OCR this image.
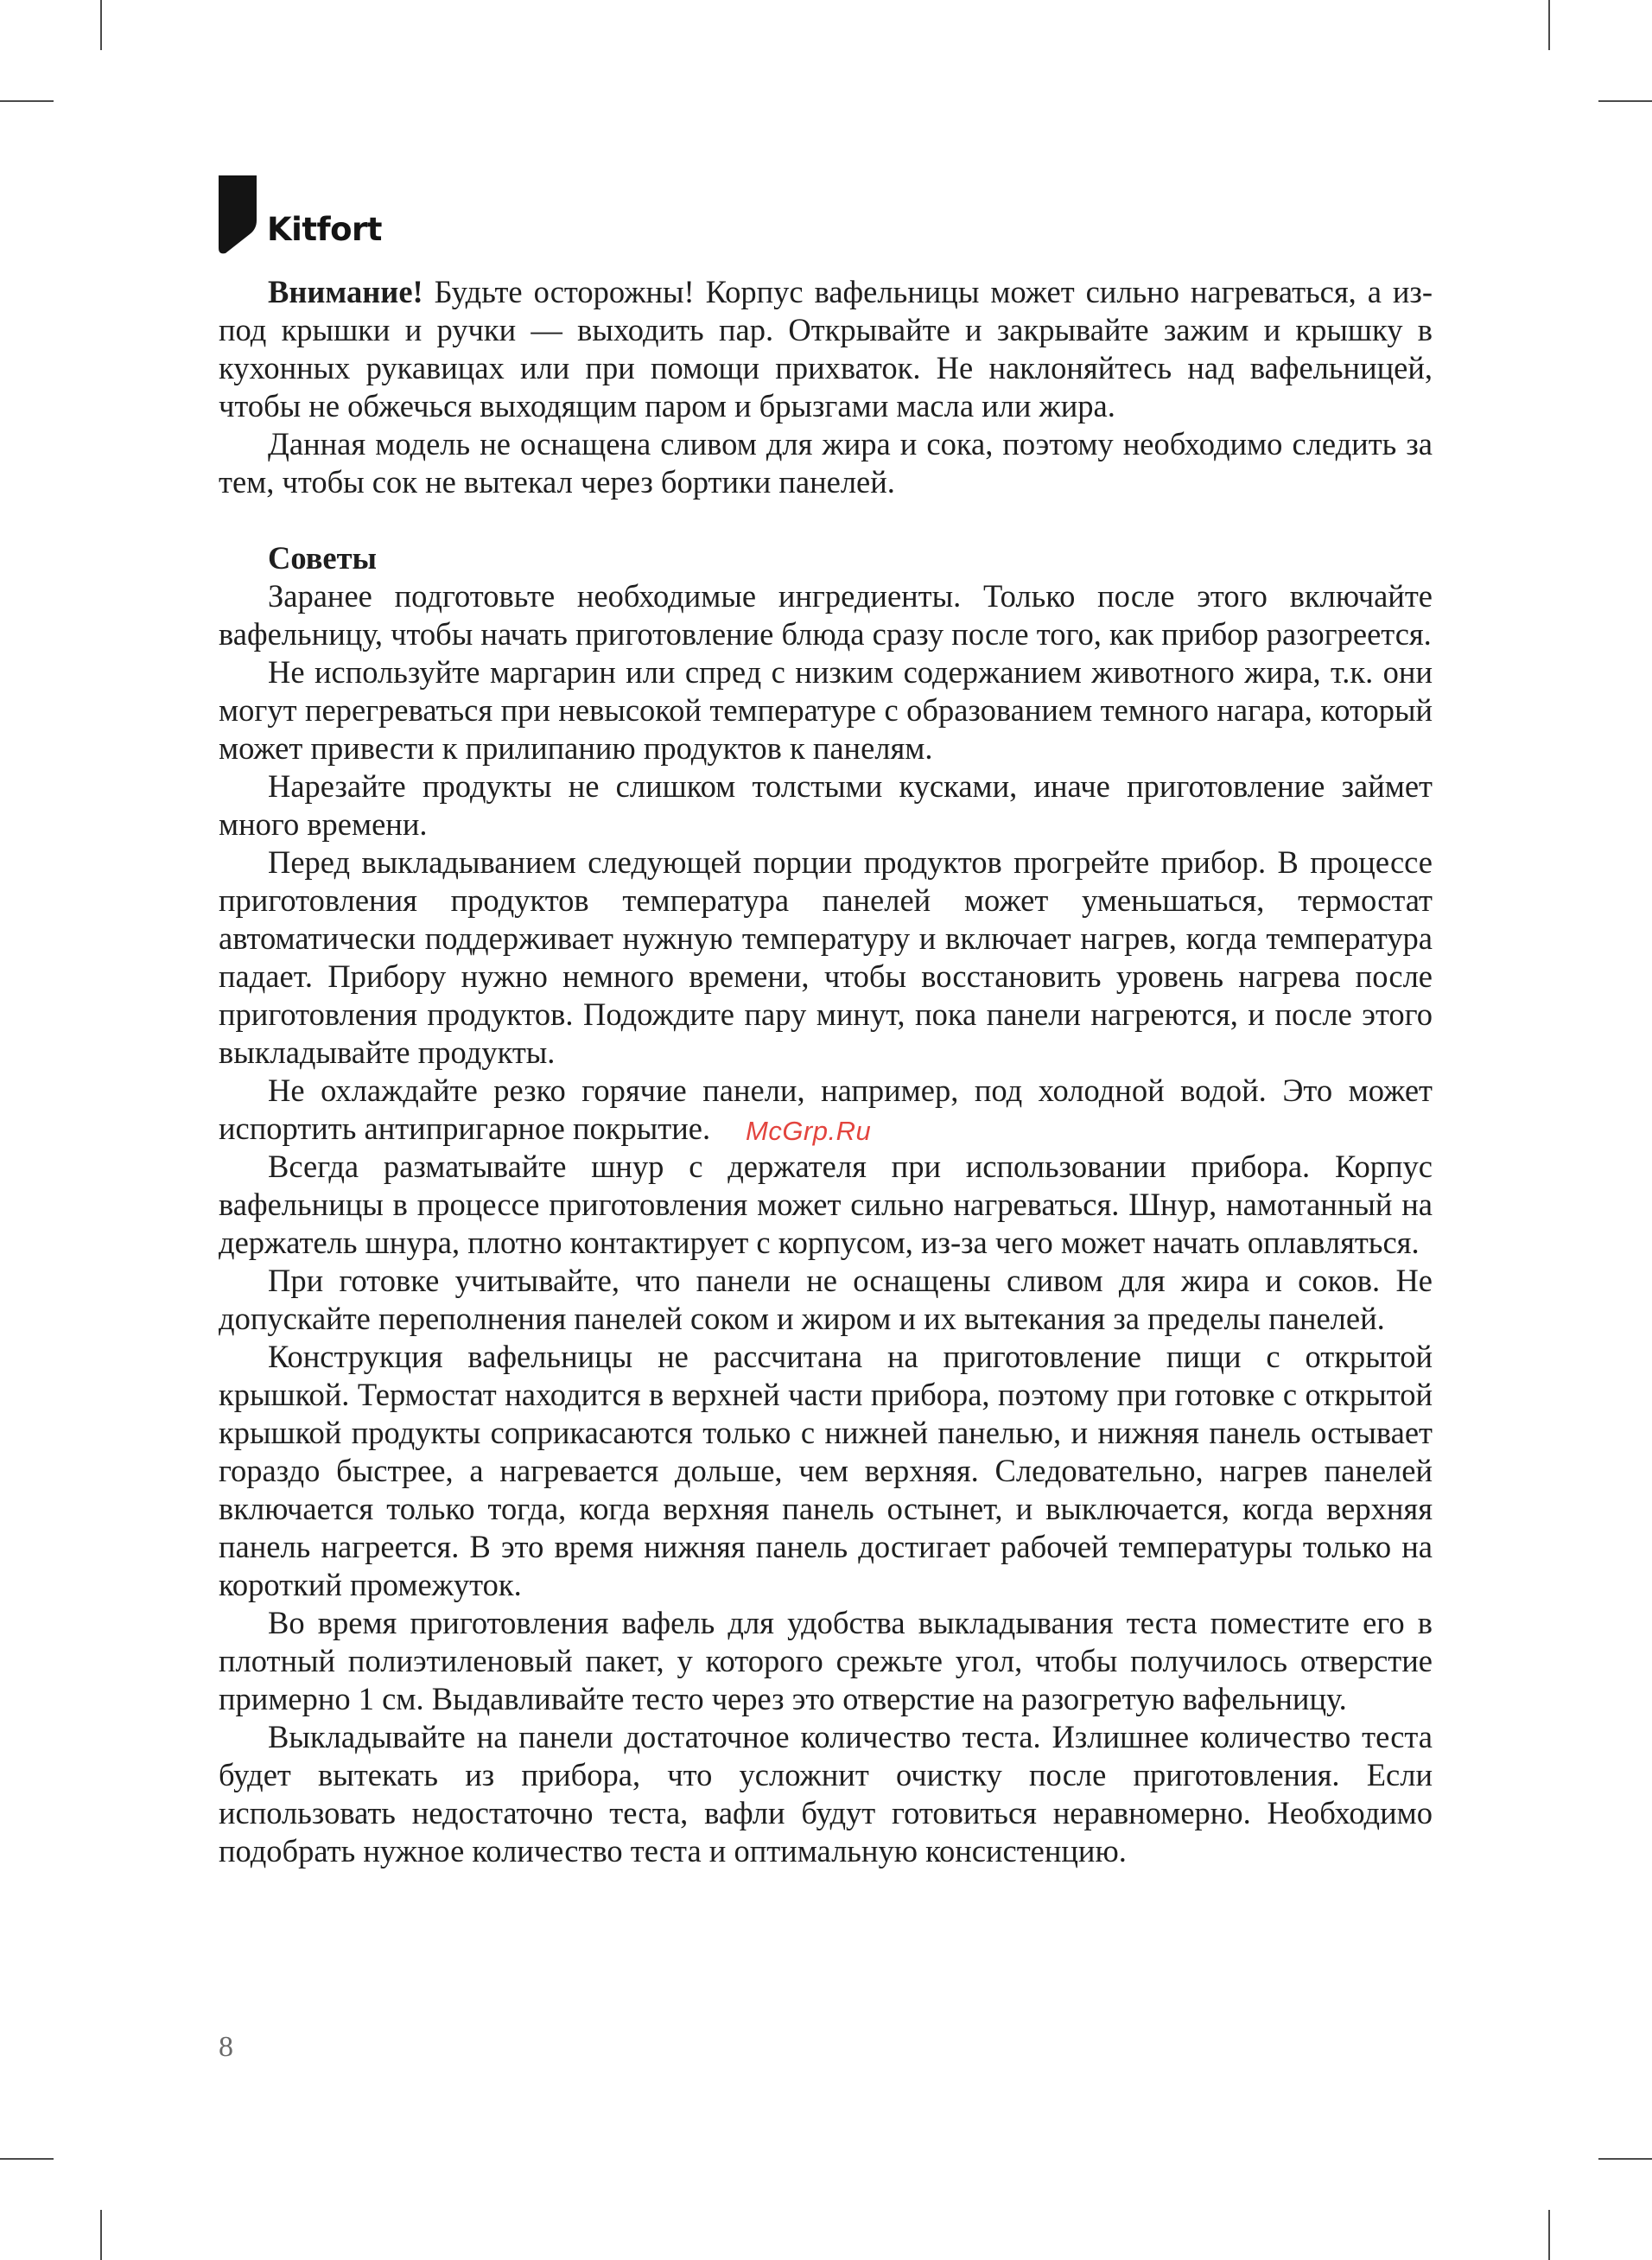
Kitfort

Внимание! Будьте осторожны! Корпус вафельницы может сильно нагреваться, а из-под крышки и ручки — выходить пар. Открывайте и закрывайте зажим и крышку в кухонных рукавицах или при помощи прихваток. Не наклоняйтесь над вафельницей, чтобы не обжечься выходящим паром и брызгами масла или жира.

Данная модель не оснащена сливом для жира и сока, поэтому необходимо следить за тем, чтобы сок не вытекал через бортики панелей.

Советы

Заранее подготовьте необходимые ингредиенты. Только после этого включайте вафельницу, чтобы начать приготовление блюда сразу после того, как прибор разогреется.

Не используйте маргарин или спред с низким содержанием животного жира, т.к. они могут перегреваться при невысокой температуре с образованием темного нагара, который может привести к прилипанию продуктов к панелям.

Нарезайте продукты не слишком толстыми кусками, иначе приготовление займет много времени.

Перед выкладыванием следующей порции продуктов прогрейте прибор. В процессе приготовления продуктов температура панелей может уменьшаться, термостат автоматически поддерживает нужную температуру и включает нагрев, когда температура падает. Прибору нужно немного времени, чтобы восстановить уровень нагрева после приготовления продуктов. Подождите пару минут, пока панели нагреются, и после этого выкладывайте продукты.

Не охлаждайте резко горячие панели, например, под холодной водой. Это может испортить антипригарное покрытие.

Всегда разматывайте шнур с держателя при использовании прибора. Корпус вафельницы в процессе приготовления может сильно нагреваться. Шнур, намотанный на держатель шнура, плотно контактирует с корпусом, из-за чего может начать оплавляться.

При готовке учитывайте, что панели не оснащены сливом для жира и соков. Не допускайте переполнения панелей соком и жиром и их вытекания за пределы панелей.

Конструкция вафельницы не рассчитана на приготовление пищи с открытой крышкой. Термостат находится в верхней части прибора, поэтому при готовке с открытой крышкой продукты соприкасаются только с нижней панелью, и нижняя панель остывает гораздо быстрее, а нагревается дольше, чем верхняя. Следовательно, нагрев панелей включается только тогда, когда верхняя панель остынет, и выключается, когда верхняя панель нагреется. В это время нижняя панель достигает рабочей температуры только на короткий промежуток.

Во время приготовления вафель для удобства выкладывания теста поместите его в плотный полиэтиленовый пакет, у которого срежьте угол, чтобы получилось отверстие примерно 1 см. Выдавливайте тесто через это отверстие на разогретую вафельницу.

Выкладывайте на панели достаточное количество теста. Излишнее количество теста будет вытекать из прибора, что усложнит очистку после приготовления. Если использовать недостаточно теста, вафли будут готовиться неравномерно. Необходимо подобрать нужное количество теста и оптимальную консистенцию.

McGrp.Ru
8
